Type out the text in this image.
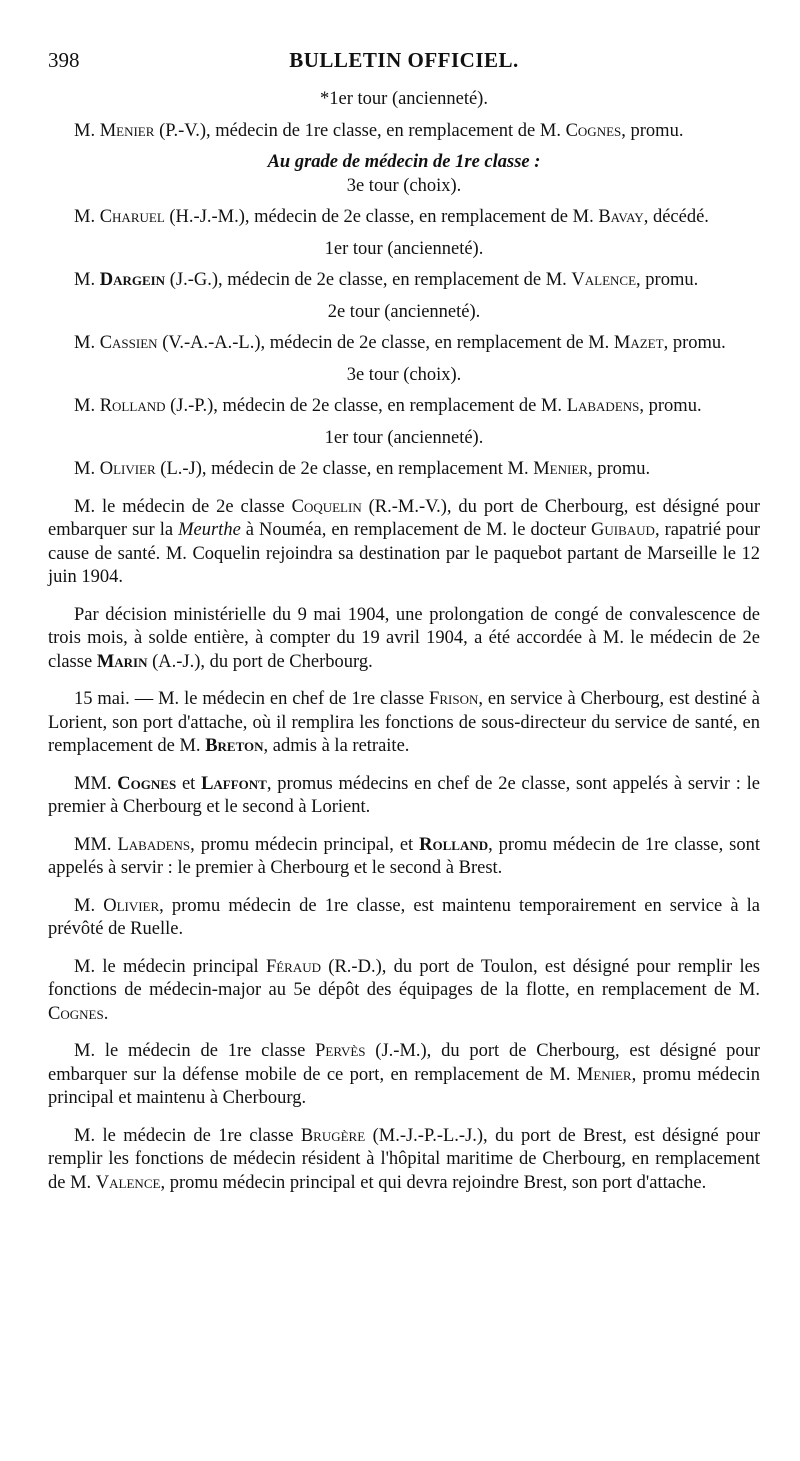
398	BULLETIN OFFICIEL.

*1er tour (ancienneté).

M. Menier (P.-V.), médecin de 1re classe, en remplacement de M. Cognes, promu.

Au grade de médecin de 1re classe :

3e tour (choix).

M. Charuel (H.-J.-M.), médecin de 2e classe, en remplacement de M. Bavay, décédé.

1er tour (ancienneté).

M. Dargein (J.-G.), médecin de 2e classe, en remplacement de M. Valence, promu.

2e tour (ancienneté).

M. Cassien (V.-A.-A.-L.), médecin de 2e classe, en remplacement de M. Mazet, promu.

3e tour (choix).

M. Rolland (J.-P.), médecin de 2e classe, en remplacement de M. Labadens, promu.

1er tour (ancienneté).

M. Olivier (L.-J), médecin de 2e classe, en remplacement M. Menier, promu.

M. le médecin de 2e classe Coquelin (R.-M.-V.), du port de Cherbourg, est désigné pour embarquer sur la Meurthe à Nouméa, en remplacement de M. le docteur Guibaud, rapatrié pour cause de santé. M. Coquelin rejoindra sa destination par le paquebot partant de Marseille le 12 juin 1904.

Par décision ministérielle du 9 mai 1904, une prolongation de congé de convalescence de trois mois, à solde entière, à compter du 19 avril 1904, a été accordée à M. le médecin de 2e classe Marin (A.-J.), du port de Cherbourg.

15 mai. — M. le médecin en chef de 1re classe Frison, en service à Cherbourg, est destiné à Lorient, son port d'attache, où il remplira les fonctions de sous-directeur du service de santé, en remplacement de M. Breton, admis à la retraite.

MM. Cognes et Laffont, promus médecins en chef de 2e classe, sont appelés à servir : le premier à Cherbourg et le second à Lorient.

MM. Labadens, promu médecin principal, et Rolland, promu médecin de 1re classe, sont appelés à servir : le premier à Cherbourg et le second à Brest.

M. Olivier, promu médecin de 1re classe, est maintenu temporairement en service à la prévôté de Ruelle.

M. le médecin principal Féraud (R.-D.), du port de Toulon, est désigné pour remplir les fonctions de médecin-major au 5e dépôt des équipages de la flotte, en remplacement de M. Cognes.

M. le médecin de 1re classe Pervès (J.-M.), du port de Cherbourg, est désigné pour embarquer sur la défense mobile de ce port, en remplacement de M. Menier, promu médecin principal et maintenu à Cherbourg.

M. le médecin de 1re classe Brugère (M.-J.-P.-L.-J.), du port de Brest, est désigné pour remplir les fonctions de médecin résident à l'hôpital maritime de Cherbourg, en remplacement de M. Valence, promu médecin principal et qui devra rejoindre Brest, son port d'attache.
